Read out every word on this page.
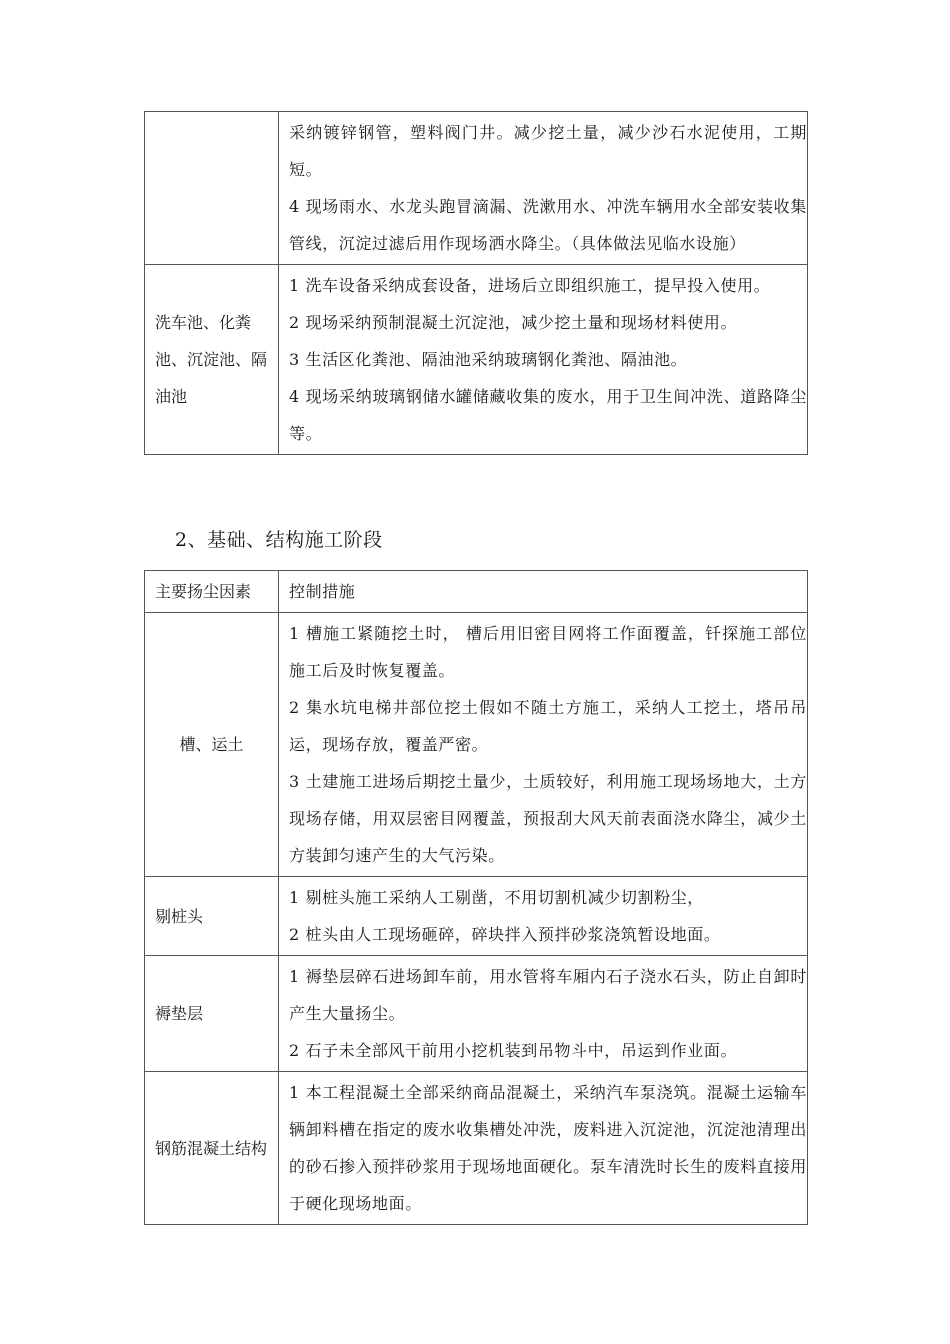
	采纳镀锌钢管，塑料阀门井。减少挖土量，减少沙石水泥使用，工期短。

4 现场雨水、水龙头跑冒滴漏、洗漱用水、冲洗车辆用水全部安装收集管线，沉淀过滤后用作现场洒水降尘。（具体做法见临水设施）

洗车池、化粪池、沉淀池、隔油池	1 洗车设备采纳成套设备，进场后立即组织施工，提早投入使用。

2 现场采纳预制混凝土沉淀池，减少挖土量和现场材料使用。

3 生活区化粪池、隔油池采纳玻璃钢化粪池、隔油池。

4 现场采纳玻璃钢储水罐储藏收集的废水，用于卫生间冲洗、道路降尘等。

2、基础、结构施工阶段
主要扬尘因素	控制措施
槽、运土	1 槽施工紧随挖土时， 槽后用旧密目网将工作面覆盖，钎探施工部位施工后及时恢复覆盖。

2 集水坑电梯井部位挖土假如不随土方施工，采纳人工挖土，塔吊吊运，现场存放，覆盖严密。

3 土建施工进场后期挖土量少，土质较好，利用施工现场场地大，土方现场存储，用双层密目网覆盖，预报刮大风天前表面浇水降尘，减少土方装卸匀速产生的大气污染。

剔桩头	1 剔桩头施工采纳人工剔凿，不用切割机减少切割粉尘，

2 桩头由人工现场砸碎，碎块拌入预拌砂浆浇筑暂设地面。

褥垫层	1 褥垫层碎石进场卸车前，用水管将车厢内石子浇水石头，防止自卸时产生大量扬尘。

2 石子未全部风干前用小挖机装到吊物斗中，吊运到作业面。

钢筋混凝土结构	1 本工程混凝土全部采纳商品混凝土，采纳汽车泵浇筑。混凝土运输车辆卸料槽在指定的废水收集槽处冲洗，废料进入沉淀池，沉淀池清理出的砂石掺入预拌砂浆用于现场地面硬化。泵车清洗时长生的废料直接用于硬化现场地面。
